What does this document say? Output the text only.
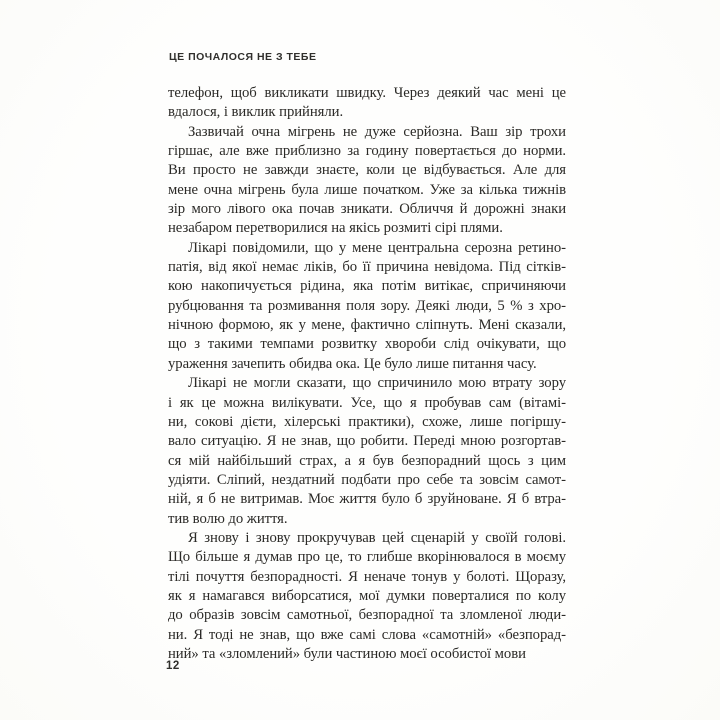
ЦЕ ПОЧАЛОСЯ НЕ З ТЕБЕ
телефон, щоб викликати швидку. Через деякий час мені це
вдалося, і виклик прийняли.
Зазвичай очна мігрень не дуже серйозна. Ваш зір трохи
гіршає, але вже приблизно за годину повертається до норми.
Ви просто не завжди знаєте, коли це відбувається. Але для
мене очна мігрень була лише початком. Уже за кілька тижнів
зір мого лівого ока почав зникати. Обличчя й дорожні знаки
незабаром перетворилися на якісь розмиті сірі плями.
Лікарі повідомили, що у мене центральна серозна ретино-
патія, від якої немає ліків, бо її причина невідома. Під сітків-
кою накопичується рідина, яка потім витікає, спричиняючи
рубцювання та розмивання поля зору. Деякі люди, 5 % з хро-
нічною формою, як у мене, фактично сліпнуть. Мені сказали,
що з такими темпами розвитку хвороби слід очікувати, що
ураження зачепить обидва ока. Це було лише питання часу.
Лікарі не могли сказати, що спричинило мою втрату зору
і як це можна вилікувати. Усе, що я пробував сам (вітамі-
ни, сокові дієти, хілерські практики), схоже, лише погіршу-
вало ситуацію. Я не знав, що робити. Переді мною розгортав-
ся мій найбільший страх, а я був безпорадний щось з цим
удіяти. Сліпий, нездатний подбати про себе та зовсім самот-
ній, я б не витримав. Моє життя було б зруйноване. Я б втра-
тив волю до життя.
Я знову і знову прокручував цей сценарій у своїй голові.
Що більше я думав про це, то глибше вкорінювалося в моєму
тілі почуття безпорадності. Я неначе тонув у болоті. Щоразу,
як я намагався виборсатися, мої думки поверталися по колу
до образів зовсім самотньої, безпорадної та зломленої люди-
ни. Я тоді не знав, що вже самі слова «самотній» «безпорад-
ний» та «зломлений» були частиною моєї особистої мови
12
